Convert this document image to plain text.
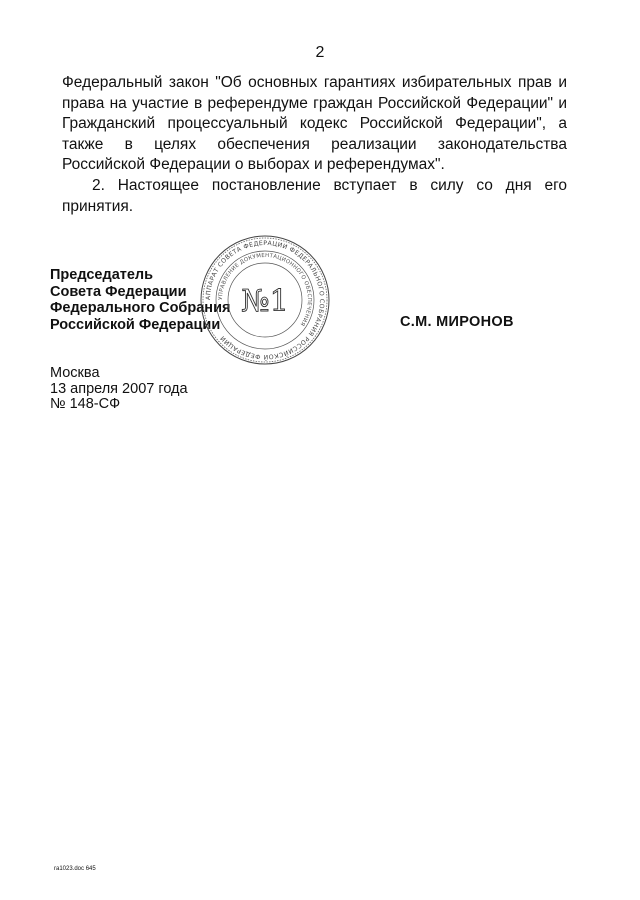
2
Федеральный закон "Об основных гарантиях избирательных прав и права на участие в референдуме граждан Российской Федерации" и Гражданский процессуальный кодекс Российской Федерации", а также в целях обеспечения реализации законодательства Российской Федерации о выборах и референдумах".
2. Настоящее постановление вступает в силу со дня его принятия.
Председатель
Совета Федерации
Федерального Собрания
Российской Федерации
АППАРАТ СОВЕТА ФЕДЕРАЦИИ ФЕДЕРАЛЬНОГО СОБРАНИЯ РОССИЙСКОЙ ФЕДЕРАЦИИ
УПРАВЛЕНИЕ ДОКУМЕНТАЦИОННОГО ОБЕСПЕЧЕНИЯ
№1
С.М. МИРОНОВ
Москва
13 апреля 2007 года
№ 148-СФ
ra1023.doc 645
